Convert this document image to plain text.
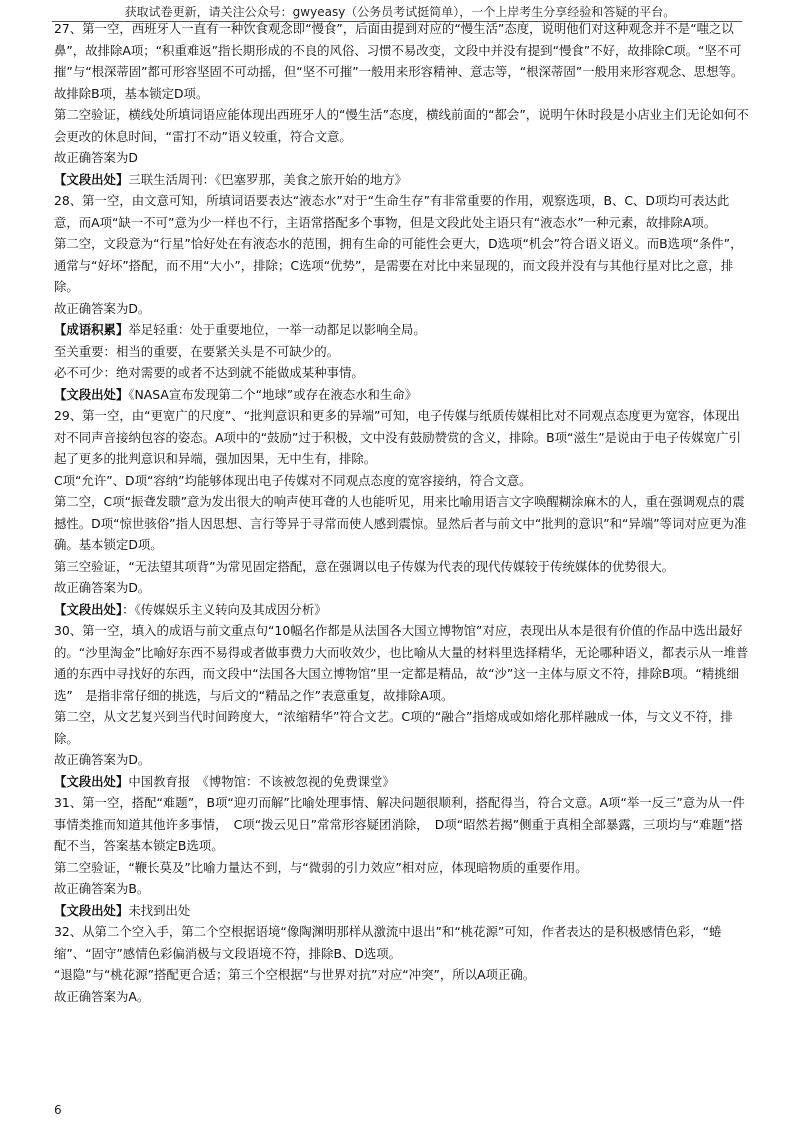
获取试卷更新，请关注公众号：gwyeasy（公务员考试挺简单），一个上岸考生分享经验和答疑的平台。

27、第一空，西班牙人一直有一种饮食观念即“慢食”，后面由提到对应的“慢生活”态度，说明他们对这种观念并不是“嗤之以鼻”，故排除A项；“积重难返”指长期形成的不良的风俗、习惯不易改变，文段中并没有提到“慢食”不好，故排除C项。“坚不可摧”与“根深蒂固”都可形容坚固不可动摇，但“坚不可摧”一般用来形容精神、意志等，“根深蒂固”一般用来形容观念、思想等。故排除B项，基本锁定D项。

第二空验证，横线处所填词语应能体现出西班牙人的“慢生活”态度，横线前面的“都会”，说明午休时段是小店业主们无论如何不会更改的休息时间，“雷打不动”语义较重，符合文意。

故正确答案为D

【文段出处】三联生活周刊：《巴塞罗那，美食之旅开始的地方》

28、第一空，由文意可知，所填词语要表达“液态水”对于“生命生存”有非常重要的作用，观察选项，B、C、D项均可表达此意，而A项“缺一不可”意为少一样也不行，主语常搭配多个事物，但是文段此处主语只有“液态水”一种元素，故排除A项。

第二空，文段意为“行星”恰好处在有液态水的范围，拥有生命的可能性会更大，D选项“机会”符合语义语义。而B选项“条件”，通常与“好坏”搭配，而不用“大小”，排除；C选项“优势”，是需要在对比中来显现的，而文段并没有与其他行星对比之意，排除。

故正确答案为D。

【成语积累】举足轻重：处于重要地位，一举一动都足以影响全局。

至关重要：相当的重要，在要紧关头是不可缺少的。

必不可少：绝对需要的或者不达到就不能做成某种事情。

【文段出处】《NASA宣布发现第二个“地球”或存在液态水和生命》

29、第一空，由“更宽广的尺度”、“批判意识和更多的异端”可知，电子传媒与纸质传媒相比对不同观点态度更为宽容，体现出对不同声音接纳包容的姿态。A项中的“鼓励”过于积极，文中没有鼓励赞赏的含义，排除。B项“滋生”是说由于电子传媒宽广引起了更多的批判意识和异端，强加因果，无中生有，排除。

C项“允许”、D项“容纳”均能够体现出电子传媒对不同观点态度的宽容接纳，符合文意。

第二空，C项“振聋发聩”意为发出很大的响声使耳聋的人也能听见，用来比喻用语言文字唤醒糊涂麻木的人，重在强调观点的震撼性。D项“惊世骇俗”指人因思想、言行等异于寻常而使人感到震惊。显然后者与前文中“批判的意识”和“异端”等词对应更为准确。基本锁定D项。

第三空验证，“无法望其项背”为常见固定搭配，意在强调以电子传媒为代表的现代传媒较于传统媒体的优势很大。

故正确答案为D。

【文段出处】：《传媒娱乐主义转向及其成因分析》

30、第一空，填入的成语与前文重点句“10幅名作都是从法国各大国立博物馆”对应，表现出从本是很有价值的作品中选出最好的。“沙里淘金”比喻好东西不易得或者做事费力大而收效少，也比喻从大量的材料里选择精华，无论哪种语义，都表示从一堆普通的东西中寻找好的东西，而文段中“法国各大国立博物馆”里一定都是精品，故“沙”这一主体与原文不符，排除B项。“精挑细选”　是指非常仔细的挑选，与后文的“精品之作”表意重复，故排除A项。

第二空，从文艺复兴到当代时间跨度大，“浓缩精华”符合文艺。C项的“融合”指熔成或如熔化那样融成一体，与文义不符，排除。

故正确答案为D。

【文段出处】中国教育报　《博物馆：不该被忽视的免费课堂》

31、第一空，搭配“难题”，B项“迎刃而解”比喻处理事情、解决问题很顺利，搭配得当，符合文意。A项“举一反三”意为从一件事情类推而知道其他许多事情，　C项“拨云见日”常常形容疑团消除，　D项“昭然若揭”侧重于真相全部暴露，三项均与“难题”搭配不当，答案基本锁定B选项。

第二空验证，“鞭长莫及”比喻力量达不到，与“微弱的引力效应”相对应，体现暗物质的重要作用。

故正确答案为B。

【文段出处】未找到出处

32、从第二个空入手，第二个空根据语境“像陶渊明那样从激流中退出”和“桃花源”可知，作者表达的是积极感情色彩，“蜷缩”、“固守”感情色彩偏消极与文段语境不符，排除B、D选项。

“退隐”与“桃花源”搭配更合适；第三个空根据“与世界对抗”对应“冲突”，所以A项正确。

故正确答案为A。

6
